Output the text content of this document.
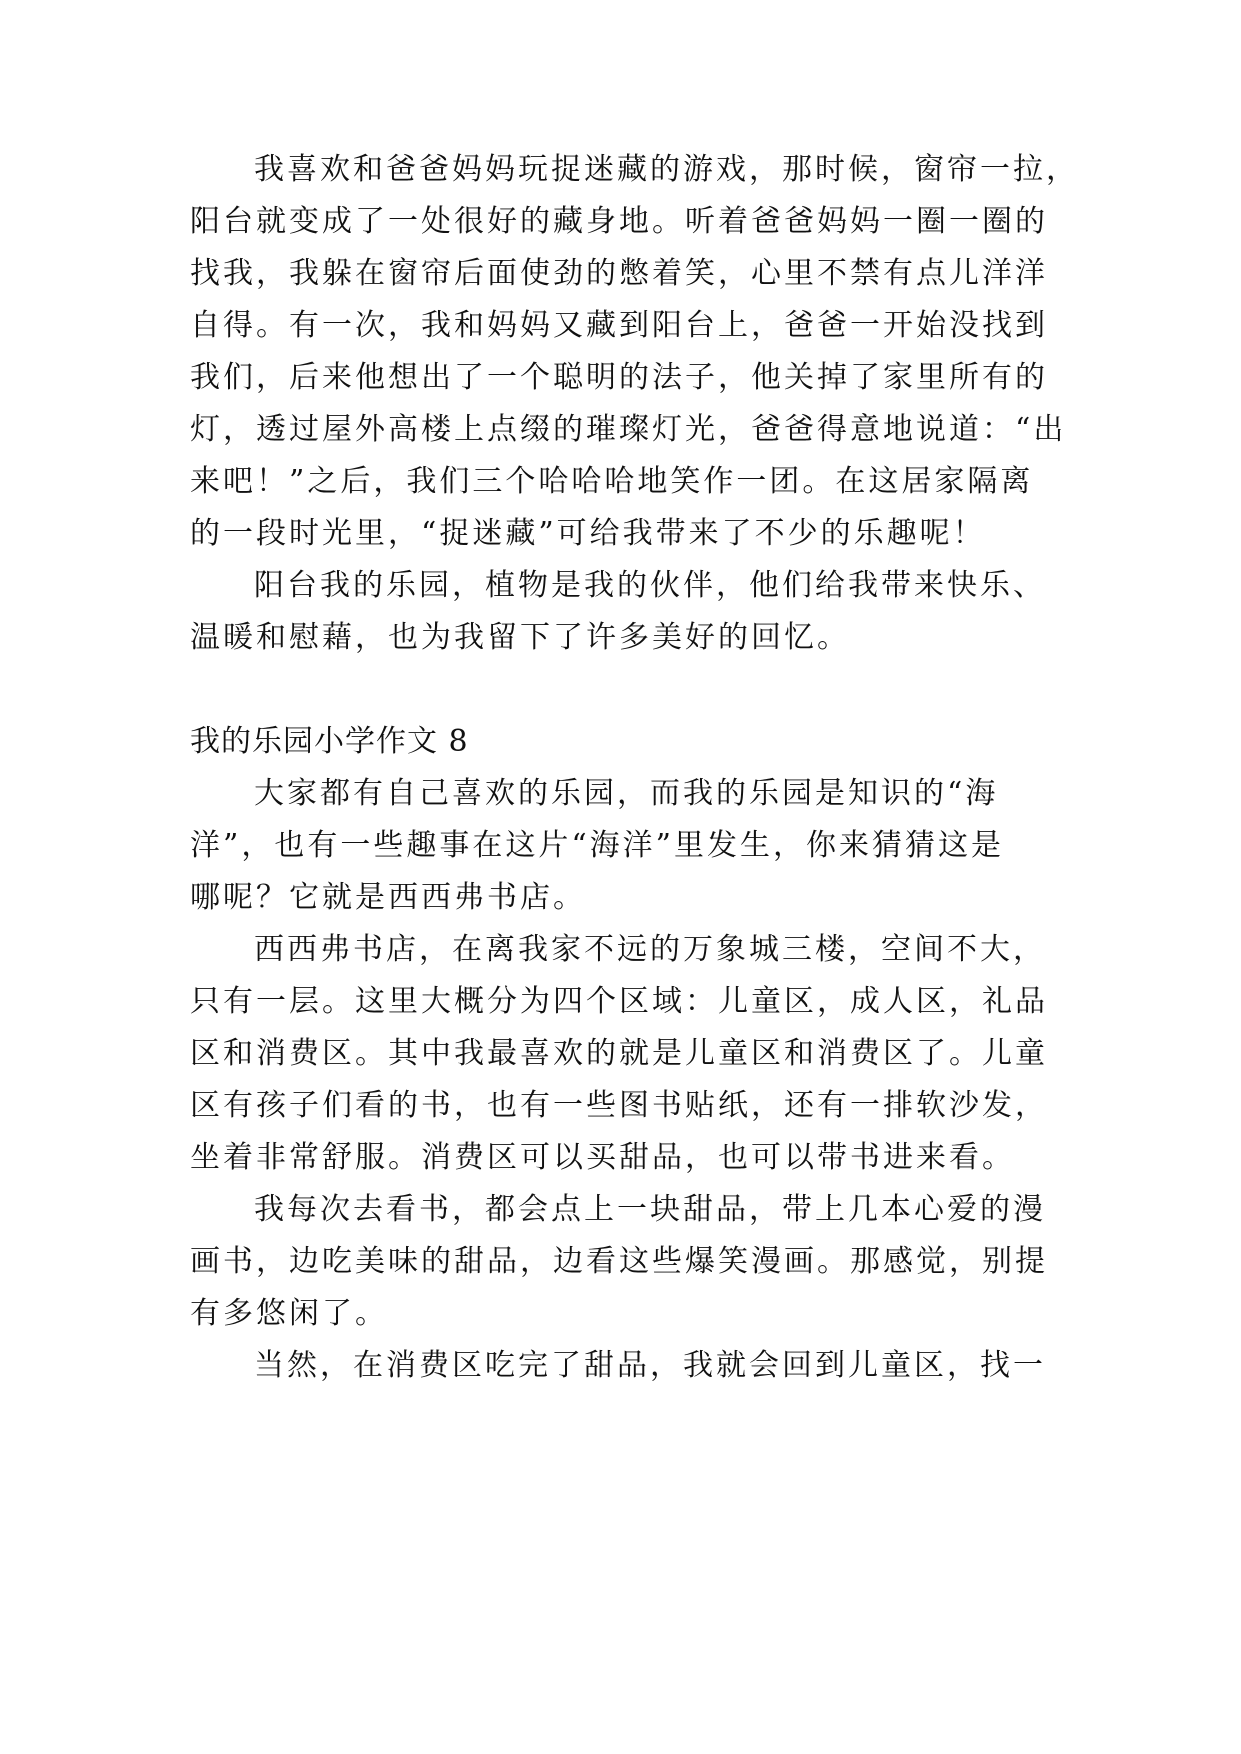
我喜欢和爸爸妈妈玩捉迷藏的游戏，那时候，窗帘一拉，
阳台就变成了一处很好的藏身地。听着爸爸妈妈一圈一圈的
找我，我躲在窗帘后面使劲的憋着笑，心里不禁有点儿洋洋
自得。有一次，我和妈妈又藏到阳台上，爸爸一开始没找到
我们，后来他想出了一个聪明的法子，他关掉了家里所有的
灯，透过屋外高楼上点缀的璀璨灯光，爸爸得意地说道：“出
来吧！”之后，我们三个哈哈哈地笑作一团。在这居家隔离
的一段时光里，“捉迷藏”可给我带来了不少的乐趣呢！
阳台我的乐园，植物是我的伙伴，他们给我带来快乐、
温暖和慰藉，也为我留下了许多美好的回忆。
我的乐园小学作文 8
大家都有自己喜欢的乐园，而我的乐园是知识的“海
洋”，也有一些趣事在这片“海洋”里发生，你来猜猜这是
哪呢？它就是西西弗书店。
西西弗书店，在离我家不远的万象城三楼，空间不大，
只有一层。这里大概分为四个区域：儿童区，成人区，礼品
区和消费区。其中我最喜欢的就是儿童区和消费区了。儿童
区有孩子们看的书，也有一些图书贴纸，还有一排软沙发，
坐着非常舒服。消费区可以买甜品，也可以带书进来看。
我每次去看书，都会点上一块甜品，带上几本心爱的漫
画书，边吃美味的甜品，边看这些爆笑漫画。那感觉，别提
有多悠闲了。
当然，在消费区吃完了甜品，我就会回到儿童区，找一
